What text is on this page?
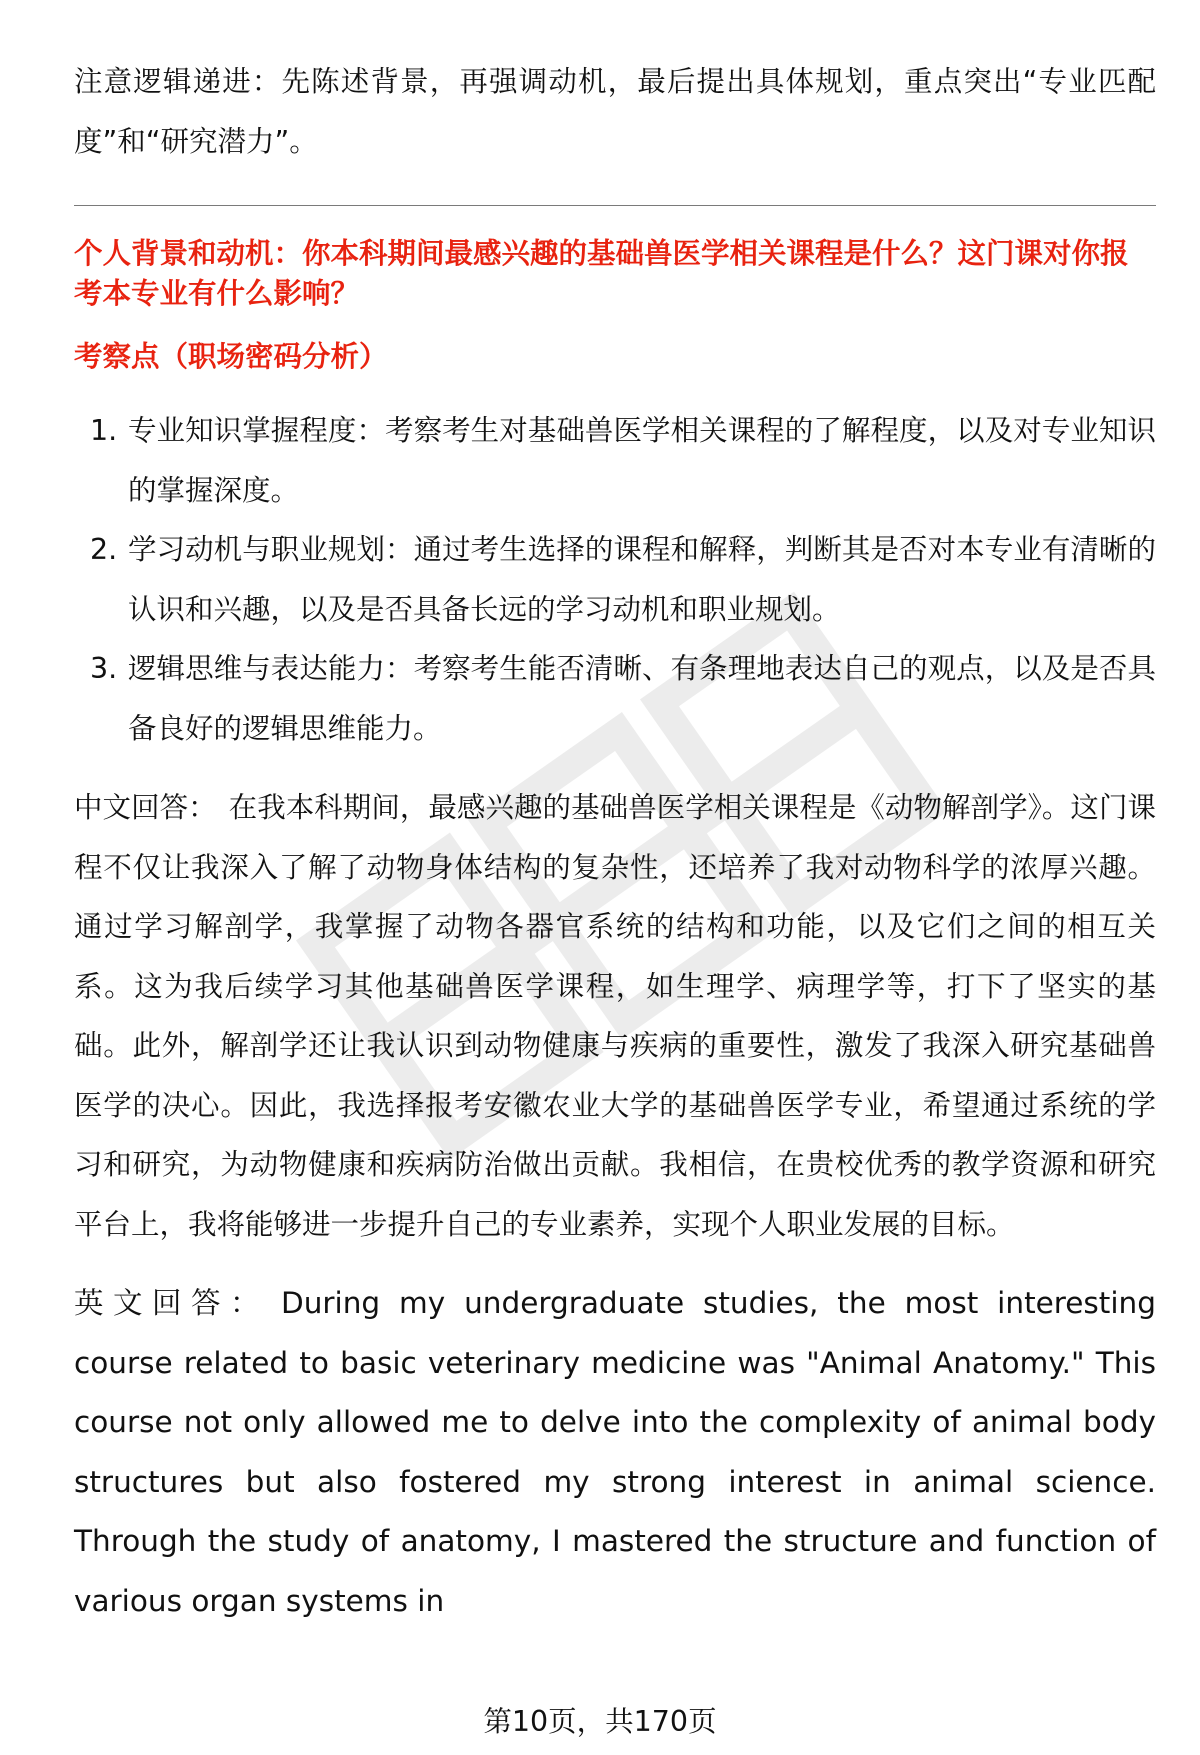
注意逻辑递进：先陈述背景，再强调动机，最后提出具体规划，重点突出“专业匹配度”和“研究潜力”。

个人背景和动机：你本科期间最感兴趣的基础兽医学相关课程是什么？这门课对你报考本专业有什么影响？
考察点（职场密码分析）
1. 专业知识掌握程度：考察考生对基础兽医学相关课程的了解程度，以及对专业知识的掌握深度。
2. 学习动机与职业规划：通过考生选择的课程和解释，判断其是否对本专业有清晰的认识和兴趣，以及是否具备长远的学习动机和职业规划。
3. 逻辑思维与表达能力：考察考生能否清晰、有条理地表达自己的观点，以及是否具备良好的逻辑思维能力。

中文回答： 在我本科期间，最感兴趣的基础兽医学相关课程是《动物解剖学》。这门课程不仅让我深入了解了动物身体结构的复杂性，还培养了我对动物科学的浓厚兴趣。通过学习解剖学，我掌握了动物各器官系统的结构和功能，以及它们之间的相互关系。这为我后续学习其他基础兽医学课程，如生理学、病理学等，打下了坚实的基础。此外，解剖学还让我认识到动物健康与疾病的重要性，激发了我深入研究基础兽医学的决心。因此，我选择报考安徽农业大学的基础兽医学专业，希望通过系统的学习和研究，为动物健康和疾病防治做出贡献。我相信，在贵校优秀的教学资源和研究平台上，我将能够进一步提升自己的专业素养，实现个人职业发展的目标。

英文回答： During my undergraduate studies, the most interesting course related to basic veterinary medicine was "Animal Anatomy." This course not only allowed me to delve into the complexity of animal body structures but also fostered my strong interest in animal science. Through the study of anatomy, I mastered the structure and function of various organ systems in

第10页，共170页
